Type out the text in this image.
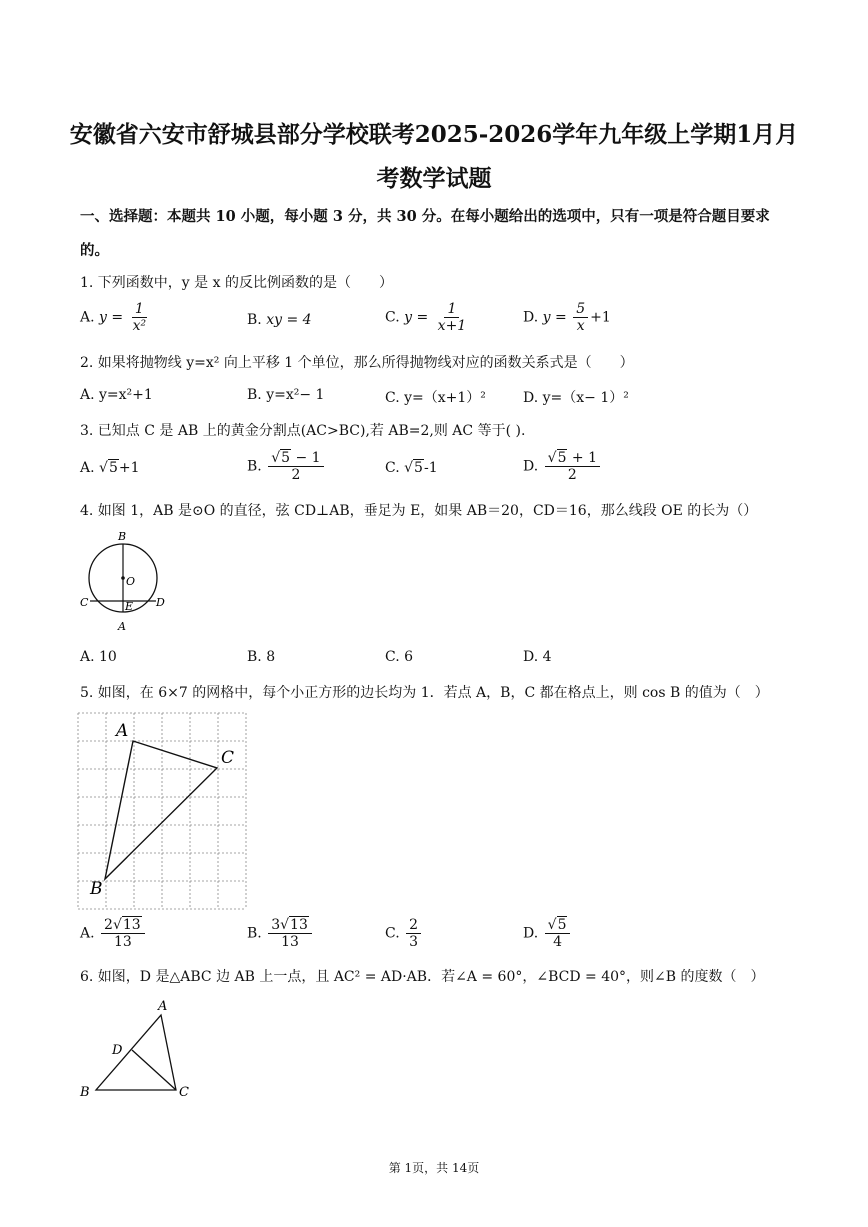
安徽省六安市舒城县部分学校联考2025-2026学年九年级上学期1月月
考数学试题
一、选择题：本题共 10 小题，每小题 3 分，共 30 分。在每小题给出的选项中，只有一项是符合题目要求
的。
1. 下列函数中，y 是 x 的反比例函数的是（　　）
A. $y = \frac{1}{\text{x²}}$	B. xy = 4	C. $y = \frac{1}{x+1}$	D. $y = \frac{5}{x} +1$
2. 如果将抛物线 y=x² 向上平移 1 个单位，那么所得抛物线对应的函数关系式是（　　）
A. y=x²+1	B. y=x²− 1	C. y=（x+1）²	D. y=（x− 1）²
3. 已知点 C 是 AB 上的黄金分割点(AC>BC),若 AB=2,则 AC 等于( ).
A. √5+1	B. $\frac{√5 - 1}{2}$	C. √5-1	D. $\frac{√5 + 1}{2}$
4. 如图 1，AB 是⊙O 的直径，弦 CD⊥AB，垂足为 E，如果 AB＝20，CD＝16，那么线段 OE 的长为（）
B
O
C	E D
A
A. 10	B. 8	C. 6	D. 4
5. 如图，在 6×7 的网格中，每个小正方形的边长均为 1．若点 A，B，C 都在格点上，则 cos B 的值为（　）
A
B
C
A. $\frac{2√13}{13}$	B. $\frac{3√13}{13}$	C. $\frac{2}{3}$	D. $\frac{√5}{4}$
6. 如图，D 是△ABC 边 AB 上一点，且 AC² = AD·AB．若∠A = 60°，∠BCD = 40°，则∠B 的度数（　）
A
B	C
D
第 1页，共 14页
